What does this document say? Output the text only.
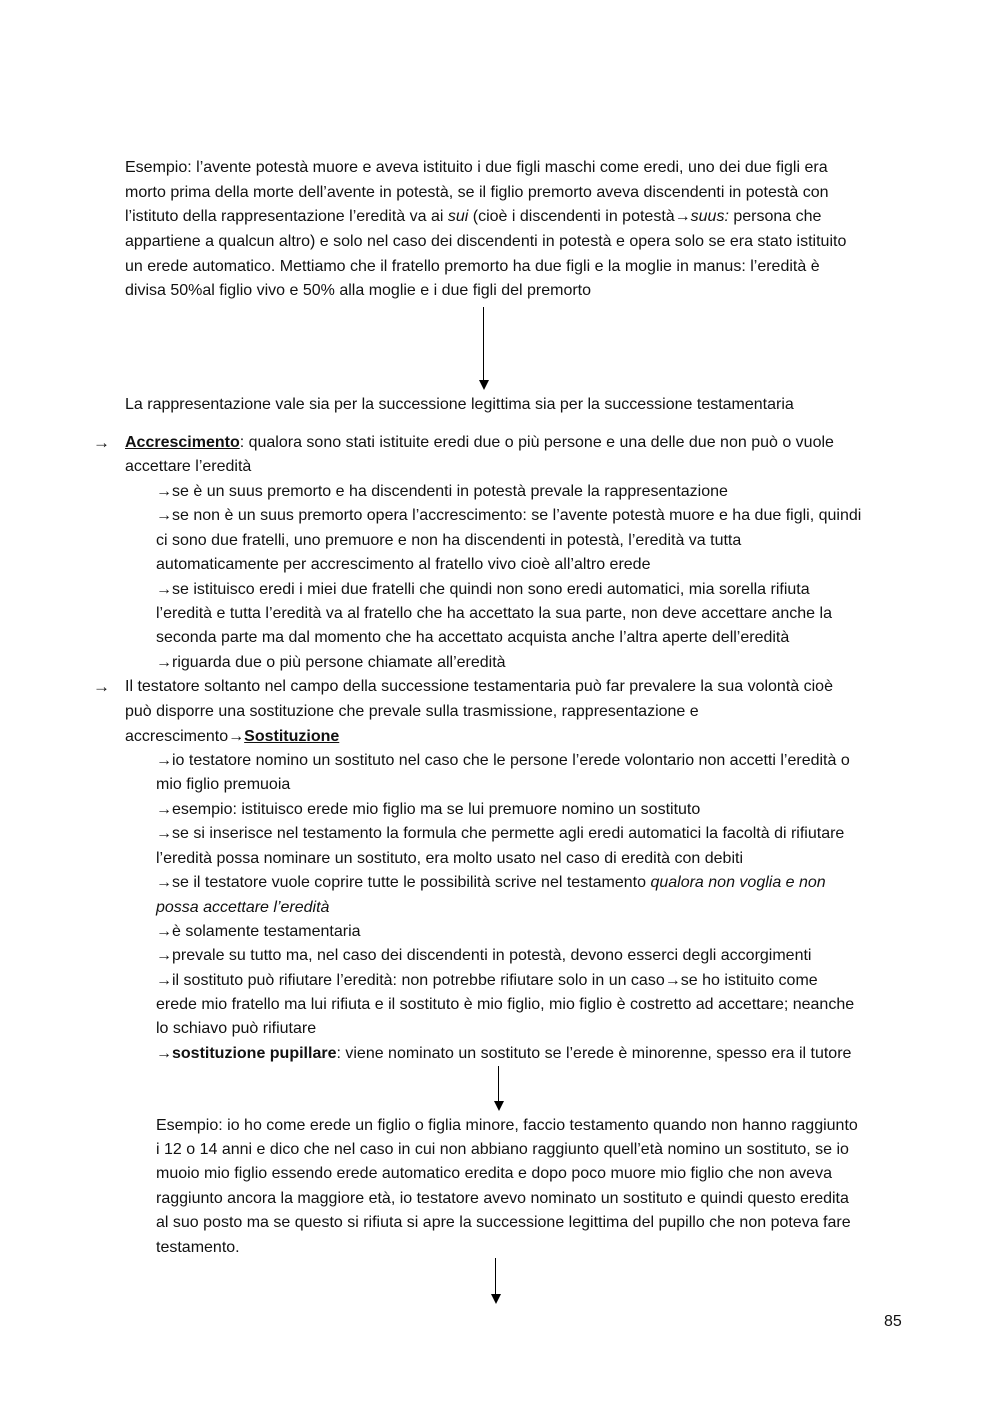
Esempio: l’avente potestà muore e aveva istituito i due figli maschi come eredi, uno dei due figli era
morto prima della morte dell’avente in potestà, se il figlio premorto aveva discendenti in potestà con
l’istituto della rappresentazione l’eredità va ai sui (cioè i discendenti in potestà→suus: persona che
appartiene a qualcun altro) e solo nel caso dei discendenti in potestà e opera solo se era stato istituito
un erede automatico. Mettiamo che il fratello premorto ha due figli e la moglie in manus: l’eredità è
divisa 50%al figlio vivo e 50% alla moglie e i due figli del premorto
La rappresentazione vale sia per la successione legittima sia per la successione testamentaria
→ Accrescimento: qualora sono stati istituite eredi due o più persone e una delle due non può o vuole
accettare l’eredità
→se è un suus premorto e ha discendenti in potestà prevale la rappresentazione
→se non è un suus premorto opera l’accrescimento: se l’avente potestà muore e ha due figli, quindi
ci sono due fratelli, uno premuore e non ha discendenti in potestà, l’eredità va tutta
automaticamente per accrescimento al fratello vivo cioè all’altro erede
→se istituisco eredi i miei due fratelli che quindi non sono eredi automatici, mia sorella rifiuta
l’eredità e tutta l’eredità va al fratello che ha accettato la sua parte, non deve accettare anche la
seconda parte ma dal momento che ha accettato acquista anche l’altra aperte dell’eredità
→riguarda due o più persone chiamate all’eredità
→ Il testatore soltanto nel campo della successione testamentaria può far prevalere la sua volontà cioè
può disporre una sostituzione che prevale sulla trasmissione, rappresentazione e
accrescimento→Sostituzione
→io testatore nomino un sostituto nel caso che le persone l’erede volontario non accetti l’eredità o
mio figlio premuoia
→esempio: istituisco erede mio figlio ma se lui premuore nomino un sostituto
→se si inserisce nel testamento la formula che permette agli eredi automatici la facoltà di rifiutare
l’eredità possa nominare un sostituto, era molto usato nel caso di eredità con debiti
→se il testatore vuole coprire tutte le possibilità scrive nel testamento qualora non voglia e non
possa accettare l’eredità
→è solamente testamentaria
→prevale su tutto ma, nel caso dei discendenti in potestà, devono esserci degli accorgimenti
→il sostituto può rifiutare l’eredità: non potrebbe rifiutare solo in un caso→se ho istituito come
erede mio fratello ma lui rifiuta e il sostituto è mio figlio, mio figlio è costretto ad accettare; neanche
lo schiavo può rifiutare
→sostituzione pupillare: viene nominato un sostituto se l’erede è minorenne, spesso era il tutore
Esempio: io ho come erede un figlio o figlia minore, faccio testamento quando non hanno raggiunto
i 12 o 14 anni e dico che nel caso in cui non abbiano raggiunto quell’età nomino un sostituto, se io
muoio mio figlio essendo erede automatico eredita e dopo poco muore mio figlio che non aveva
raggiunto ancora la maggiore età, io testatore avevo nominato un sostituto e quindi questo eredita
al suo posto ma se questo si rifiuta si apre la successione legittima del pupillo che non poteva fare
testamento.
85
